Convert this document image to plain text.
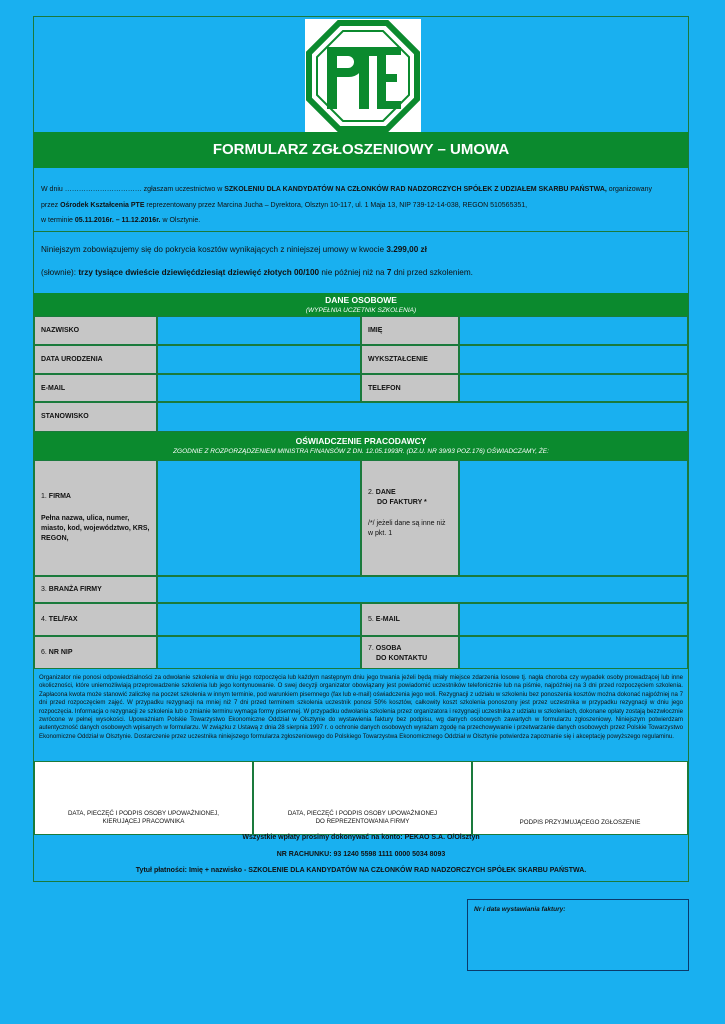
FORMULARZ ZGŁOSZENIOWY – UMOWA
W dniu …………………………… zgłaszam uczestnictwo w SZKOLENIU DLA KANDYDATÓW NA CZŁONKÓW RAD NADZORCZYCH SPÓŁEK Z UDZIAŁEM SKARBU PAŃSTWA, organizowany
przez Ośrodek Kształcenia PTE reprezentowany przez Marcina Jucha – Dyrektora, Olsztyn 10-117, ul. 1 Maja 13, NIP 739-12-14-038, REGON 510565351,
w terminie 05.11.2016r. – 11.12.2016r. w Olsztynie.
Niniejszym zobowiązujemy się do pokrycia kosztów wynikających z niniejszej umowy w kwocie 3.299,00 zł
(słownie): trzy tysiące dwieście dziewięćdziesiąt dziewięć złotych 00/100 nie później niż na 7 dni przed szkoleniem.
DANE OSOBOWE
(WYPEŁNIA UCZETNIK SZKOLENIA)
NAZWISKO	IMIĘ
DATA URODZENIA	WYKSZTAŁCENIE
E-MAIL	TELEFON
STANOWISKO
OŚWIADCZENIE PRACODAWCY
ZGODNIE Z ROZPORZĄDZENIEM MINISTRA FINANSÓW Z DN. 12.05.1993R. (DZ.U. NR 39/93 POZ.176) OŚWIADCZAMY, ŻE:
1. FIRMA
Pełna nazwa, ulica, numer, miasto, kod, województwo, KRS, REGON,
2. DANE
DO FAKTURY *
/*/ jeżeli dane są inne niż w pkt. 1
3. BRANŻA FIRMY
4. TEL/FAX	5. E-MAIL
6. NR NIP
7. OSOBA
DO KONTAKTU
Organizator nie ponosi odpowiedzialności za odwołanie szkolenia w dniu jego rozpoczęcia lub każdym następnym dniu jego trwania jeżeli będą miały miejsce zdarzenia losowe tj. nagła choroba czy wypadek osoby prowadzącej lub inne okoliczności, które uniemożliwiają przeprowadzenie szkolenia lub jego kontynuowanie. O swej decyzji organizator obowiązany jest powiadomić uczestników telefonicznie lub na piśmie, najpóźniej na 3 dni przed rozpoczęciem szkolenia. Zapłacona kwota może stanowić zaliczkę na poczet szkolenia w innym terminie, pod warunkiem pisemnego (fax lub e-mail) oświadczenia jego woli. Rezygnacji z udziału w szkoleniu bez ponoszenia kosztów można dokonać najpóźniej na 7 dni przed rozpoczęciem zajęć. W przypadku rezygnacji na mniej niż 7 dni przed terminem szkolenia uczestnik ponosi 50% kosztów, całkowity koszt szkolenia ponoszony jest przez uczestnika w przypadku rezygnacji w dniu jego rozpoczęcia. Informacja o rezygnacji ze szkolenia lub o zmianie terminu wymaga formy pisemnej. W przypadku odwołania szkolenia przez organizatora i rezygnacji uczestnika z udziału w szkoleniach, dokonane opłaty zostają bezzwłocznie zwrócone w pełnej wysokości. Upoważniam Polskie Towarzystwo Ekonomiczne Oddział w Olsztynie do wystawienia faktury bez podpisu, wg danych osobowych zawartych w formularzu zgłoszeniowy. Niniejszym potwierdzam autentyczność danych osobowych wpisanych w formularzu. W związku z Ustawą z dnia 28 sierpnia 1997 r. o ochronie danych osobowych wyrażam zgodę na przechowywanie i przetwarzanie danych osobowych przez Polskie Towarzystwo Ekonomiczne Oddział w Olsztynie. Dostarczenie przez uczestnika niniejszego formularza zgłoszeniowego do Polskiego Towarzystwa Ekonomicznego Oddział w Olsztynie potwierdza zapoznanie się i akceptację powyższego regulaminu.
DATA, PIECZĘĆ I PODPIS OSOBY UPOWAŻNIONEJ,
KIERUJĄCEJ PRACOWNIKA
DATA, PIECZĘĆ I PODPIS OSOBY UPOWAŻNIONEJ
DO REPREZENTOWANIA FIRMY	PODPIS PRZYJMUJĄCEGO ZGŁOSZENIE
Wszystkie wpłaty prosimy dokonywać na konto: PEKAO S.A. O/Olsztyn
NR RACHUNKU: 93 1240 5598 1111 0000 5034 8093
Tytuł płatności: Imię + nazwisko - SZKOLENIE DLA KANDYDATÓW NA CZŁONKÓW RAD NADZORCZYCH SPÓŁEK SKARBU PAŃSTWA.
Nr i data wystawiania faktury:
